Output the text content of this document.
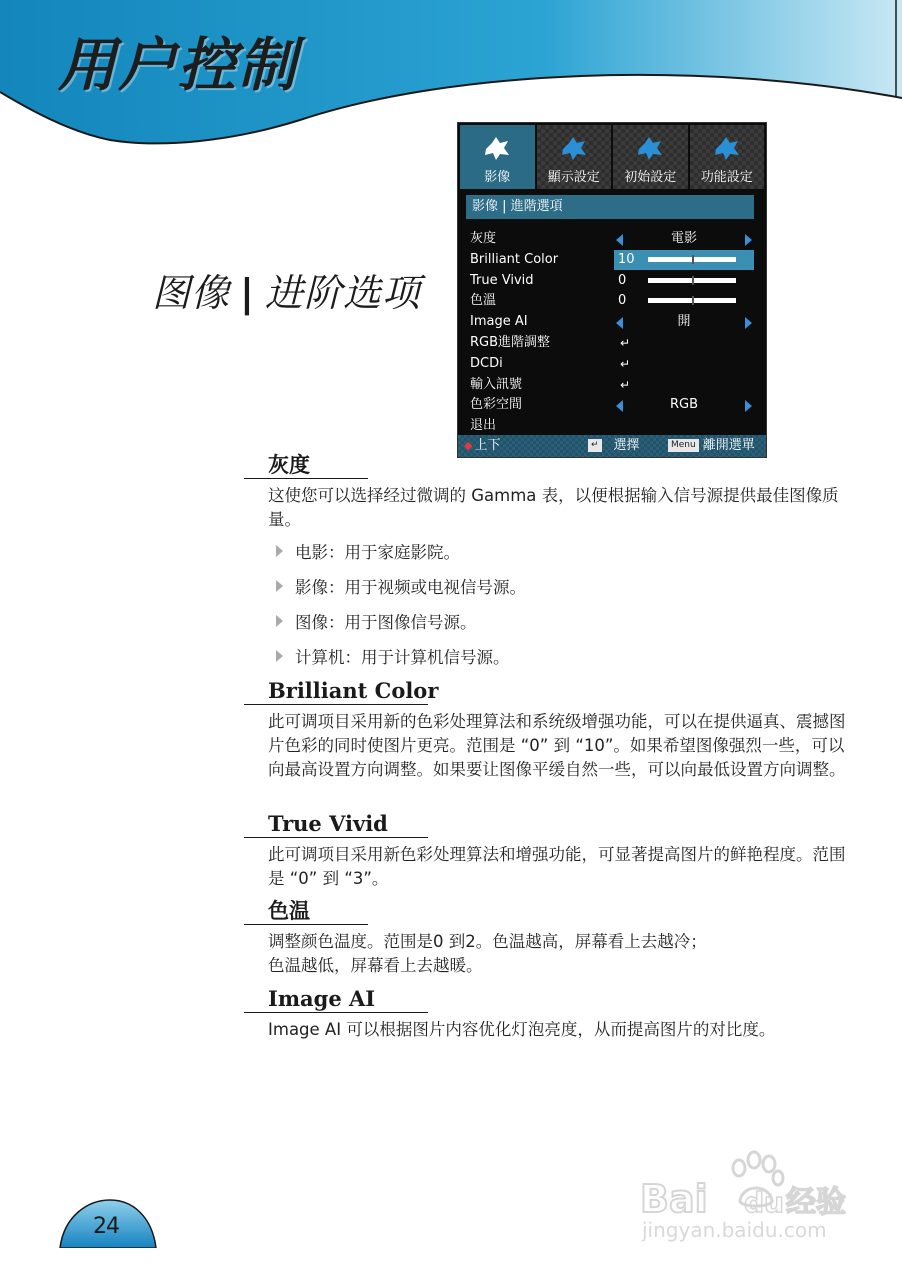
用户控制
图像 | 进阶选项
影像	顯示設定	初始設定	功能設定
影像 | 進階選項
灰度	電影
Brilliant Color	10
True Vivid	0
色溫	0
Image AI	開
RGB進階調整	↵
DCDi	↵
輸入訊號	↵
色彩空間	RGB
退出
◆ 上下	↵ 選擇	Menu 離開選單
灰度
这使您可以选择经过微调的 Gamma 表，以便根据输入信号源提供最佳图像质量。
电影：用于家庭影院。
影像：用于视频或电视信号源。
图像：用于图像信号源。
计算机：用于计算机信号源。
Brilliant Color
此可调项目采用新的色彩处理算法和系统级增强功能，可以在提供逼真、震撼图片色彩的同时使图片更亮。范围是 “0” 到 “10”。如果希望图像强烈一些，可以向最高设置方向调整。如果要让图像平缓自然一些，可以向最低设置方向调整。
True Vivid
此可调项目采用新色彩处理算法和增强功能，可显著提高图片的鲜艳程度。范围是 “0” 到 “3”。
色温
调整颜色温度。范围是0 到2。色温越高，屏幕看上去越冷；
色温越低，屏幕看上去越暖。
Image AI
Image AI 可以根据图片内容优化灯泡亮度，从而提高图片的对比度。
24
Bai du 经验
jingyan.baidu.com
